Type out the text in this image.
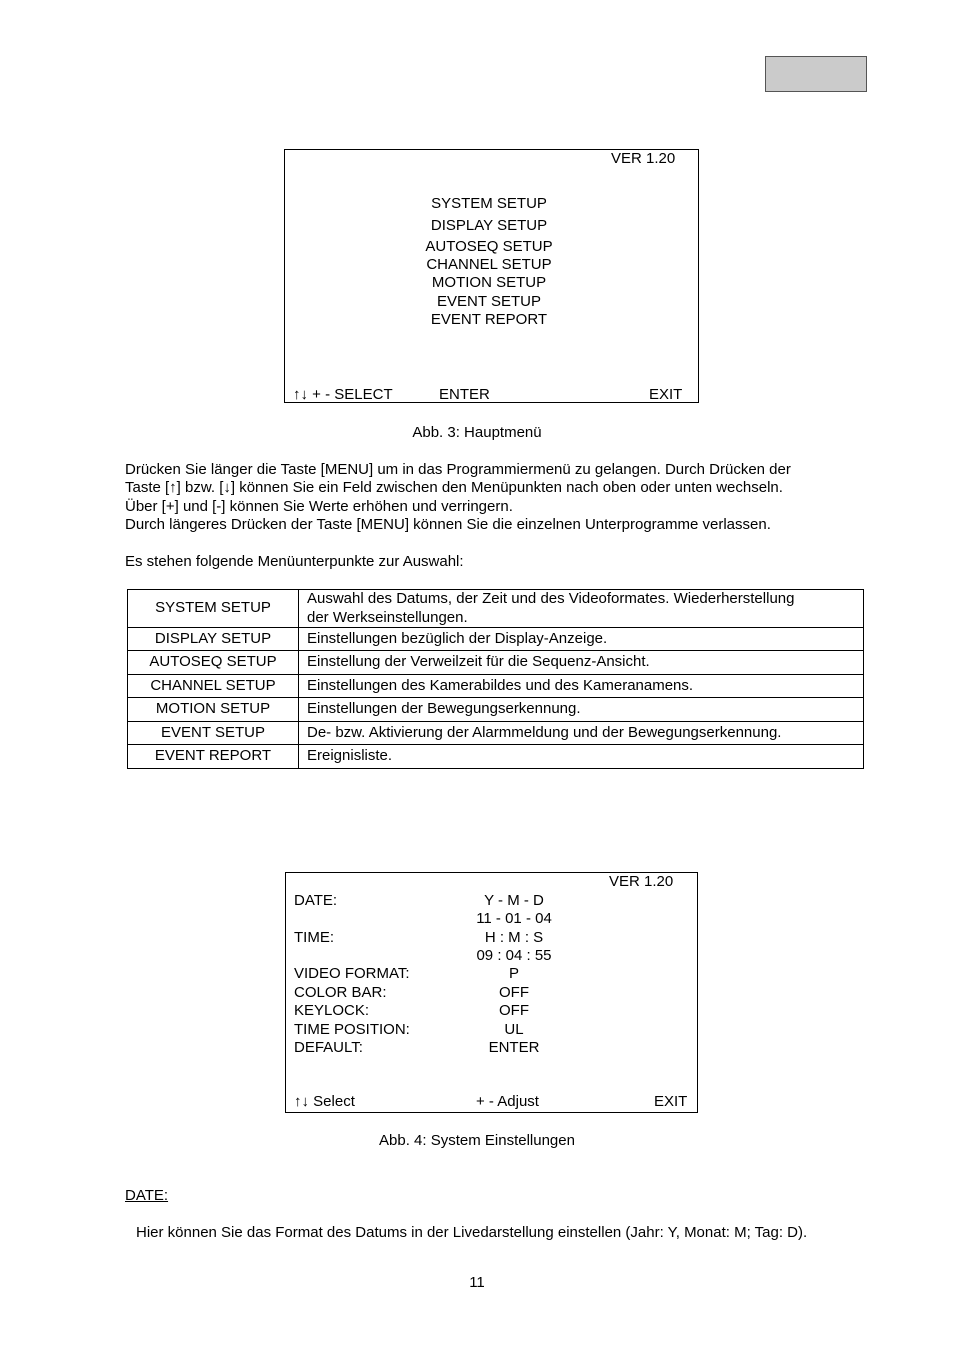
VER 1.20
SYSTEM SETUP
DISPLAY SETUP
AUTOSEQ SETUP
CHANNEL SETUP
MOTION SETUP
EVENT SETUP
EVENT REPORT
↑↓ + - SELECT	ENTER	EXIT
Abb. 3: Hauptmenü
Drücken Sie länger die Taste [MENU] um in das Programmiermenü zu gelangen. Durch Drücken der
Taste [↑] bzw. [↓] können Sie ein Feld zwischen den Menüpunkten nach oben oder unten wechseln.
Über [+] und [-] können Sie Werte erhöhen und verringern.
Durch längeres Drücken der Taste [MENU] können Sie die einzelnen Unterprogramme verlassen.
Es stehen folgende Menüunterpunkte zur Auswahl:
SYSTEM SETUP	Auswahl des Datums, der Zeit und des Videoformates. Wiederherstellung
der Werkseinstellungen.

DISPLAY SETUP	Einstellungen bezüglich der Display-Anzeige.
AUTOSEQ SETUP	Einstellung der Verweilzeit für die Sequenz-Ansicht.
CHANNEL SETUP	Einstellungen des Kamerabildes und des Kameranamens.
MOTION SETUP	Einstellungen der Bewegungserkennung.
EVENT SETUP	De- bzw. Aktivierung der Alarmmeldung und der Bewegungserkennung.
EVENT REPORT	Ereignisliste.
VER 1.20
DATE:	Y - M - D
11 - 01 - 04
TIME:	H : M : S
09 : 04 : 55
VIDEO FORMAT:	P
COLOR BAR:	OFF
KEYLOCK:	OFF
TIME POSITION:	UL
DEFAULT:	ENTER
↑↓ Select	+ - Adjust	EXIT
Abb. 4: System Einstellungen
DATE:
Hier können Sie das Format des Datums in der Livedarstellung einstellen (Jahr: Y, Monat: M; Tag: D).
11
